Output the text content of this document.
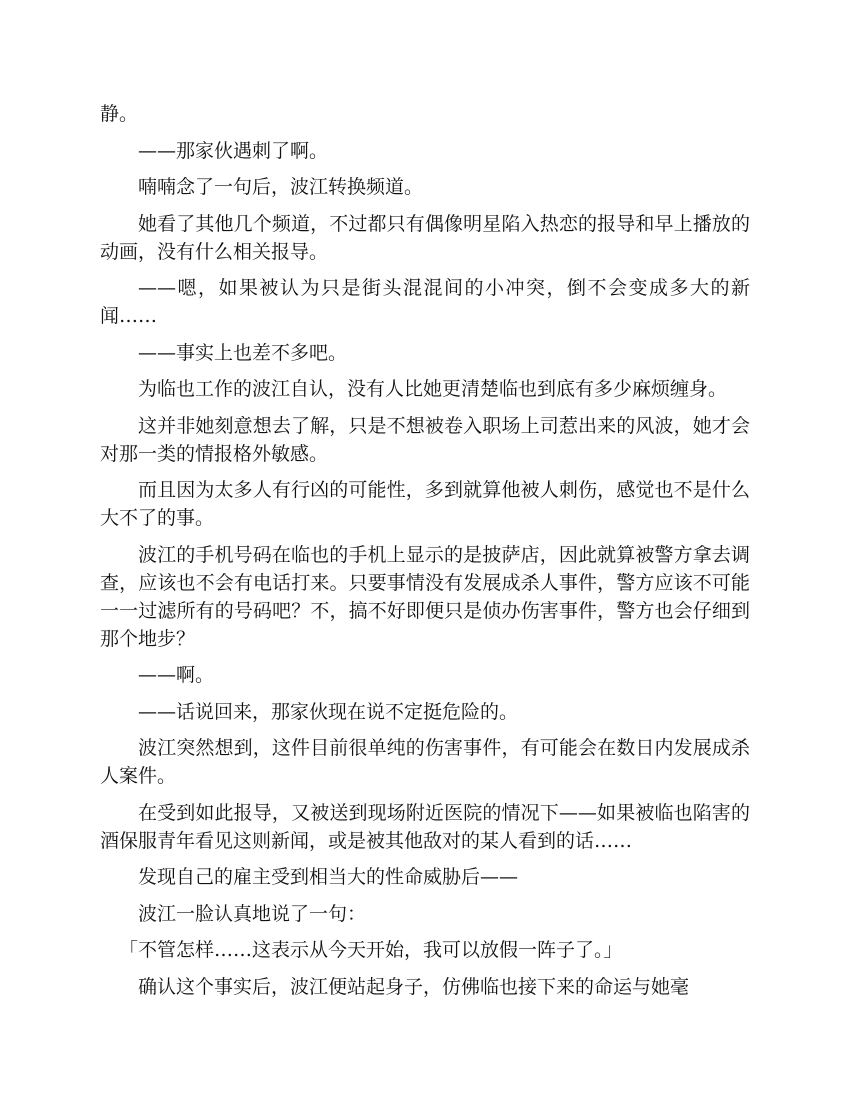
静。

——那家伙遇刺了啊。

喃喃念了一句后，波江转换频道。

她看了其他几个频道，不过都只有偶像明星陷入热恋的报导和早上播放的动画，没有什么相关报导。

——嗯，如果被认为只是街头混混间的小冲突，倒不会变成多大的新闻……

——事实上也差不多吧。

为临也工作的波江自认，没有人比她更清楚临也到底有多少麻烦缠身。

这并非她刻意想去了解，只是不想被卷入职场上司惹出来的风波，她才会对那一类的情报格外敏感。

而且因为太多人有行凶的可能性，多到就算他被人刺伤，感觉也不是什么大不了的事。

波江的手机号码在临也的手机上显示的是披萨店，因此就算被警方拿去调查，应该也不会有电话打来。只要事情没有发展成杀人事件，警方应该不可能一一过滤所有的号码吧？不，搞不好即便只是侦办伤害事件，警方也会仔细到那个地步？

——啊。

——话说回来，那家伙现在说不定挺危险的。

波江突然想到，这件目前很单纯的伤害事件，有可能会在数日内发展成杀人案件。

在受到如此报导，又被送到现场附近医院的情况下——如果被临也陷害的酒保服青年看见这则新闻，或是被其他敌对的某人看到的话……

发现自己的雇主受到相当大的性命威胁后——

波江一脸认真地说了一句：

「不管怎样……这表示从今天开始，我可以放假一阵子了。」

确认这个事实后，波江便站起身子，仿佛临也接下来的命运与她毫
